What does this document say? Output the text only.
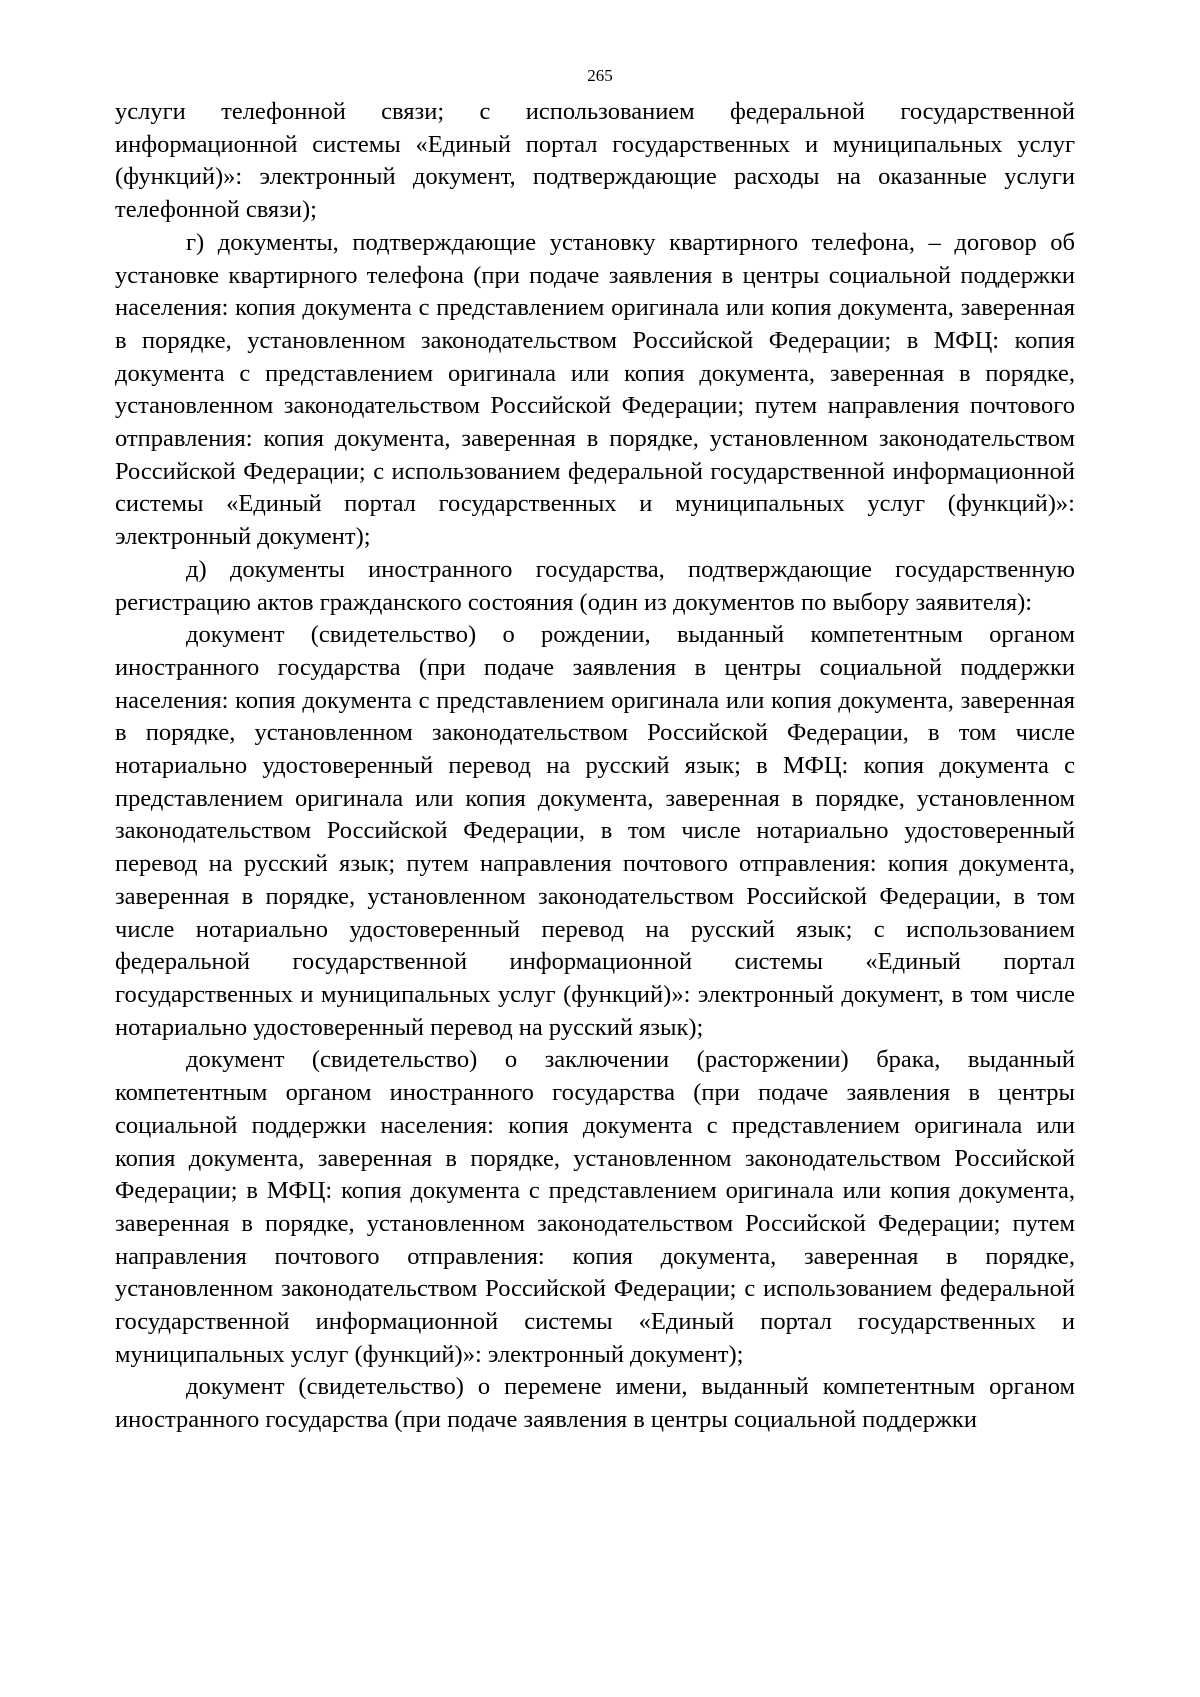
265

услуги телефонной связи; с использованием федеральной государственной информационной системы «Единый портал государственных и муниципальных услуг (функций)»: электронный документ, подтверждающие расходы на оказанные услуги телефонной связи);

г) документы, подтверждающие установку квартирного телефона, – договор об установке квартирного телефона (при подаче заявления в центры социальной поддержки населения: копия документа с представлением оригинала или копия документа, заверенная в порядке, установленном законодательством Российской Федерации; в МФЦ: копия документа с представлением оригинала или копия документа, заверенная в порядке, установленном законодательством Российской Федерации; путем направления почтового отправления: копия документа, заверенная в порядке, установленном законодательством Российской Федерации; с использованием федеральной государственной информационной системы «Единый портал государственных и муниципальных услуг (функций)»: электронный документ);

д) документы иностранного государства, подтверждающие государственную регистрацию актов гражданского состояния (один из документов по выбору заявителя):

документ (свидетельство) о рождении, выданный компетентным органом иностранного государства (при подаче заявления в центры социальной поддержки населения: копия документа с представлением оригинала или копия документа, заверенная в порядке, установленном законодательством Российской Федерации, в том числе нотариально удостоверенный перевод на русский язык; в МФЦ: копия документа с представлением оригинала или копия документа, заверенная в порядке, установленном законодательством Российской Федерации, в том числе нотариально удостоверенный перевод на русский язык; путем направления почтового отправления: копия документа, заверенная в порядке, установленном законодательством Российской Федерации, в том числе нотариально удостоверенный перевод на русский язык; с использованием федеральной государственной информационной системы «Единый портал государственных и муниципальных услуг (функций)»: электронный документ, в том числе нотариально удостоверенный перевод на русский язык);

документ (свидетельство) о заключении (расторжении) брака, выданный компетентным органом иностранного государства (при подаче заявления в центры социальной поддержки населения: копия документа с представлением оригинала или копия документа, заверенная в порядке, установленном законодательством Российской Федерации; в МФЦ: копия документа с представлением оригинала или копия документа, заверенная в порядке, установленном законодательством Российской Федерации; путем направления почтового отправления: копия документа, заверенная в порядке, установленном законодательством Российской Федерации; с использованием федеральной государственной информационной системы «Единый портал государственных и муниципальных услуг (функций)»: электронный документ);

документ (свидетельство) о перемене имени, выданный компетентным органом иностранного государства (при подаче заявления в центры социальной поддержки
